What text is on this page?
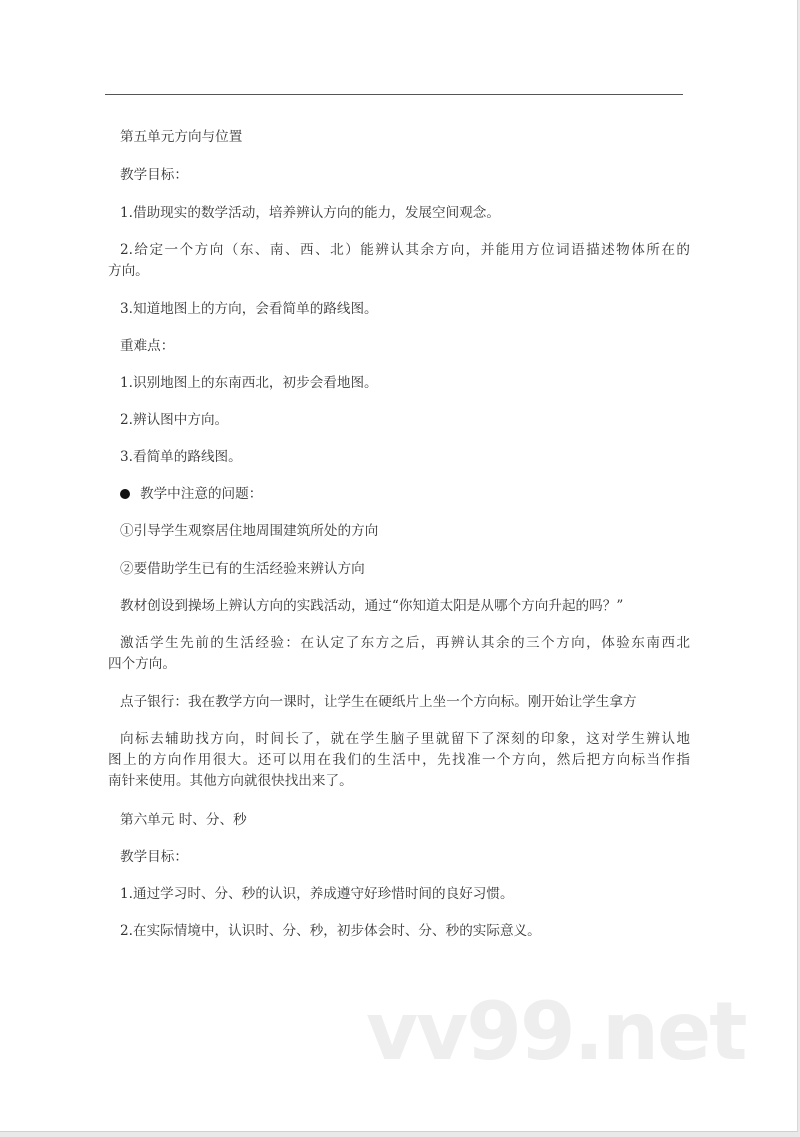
第五单元方向与位置
教学目标：
1.借助现实的数学活动，培养辨认方向的能力，发展空间观念。
2.给定一个方向（东、南、西、北）能辨认其余方向，并能用方位词语描述物体所在的
方向。
3.知道地图上的方向，会看简单的路线图。
重难点：
1.识别地图上的东南西北，初步会看地图。
2.辨认图中方向。
3.看简单的路线图。
教学中注意的问题：
①引导学生观察居住地周围建筑所处的方向
②要借助学生已有的生活经验来辨认方向
教材创设到操场上辨认方向的实践活动，通过“你知道太阳是从哪个方向升起的吗？”
激活学生先前的生活经验：在认定了东方之后，再辨认其余的三个方向，体验东南西北
四个方向。
点子银行：我在教学方向一课时，让学生在硬纸片上坐一个方向标。刚开始让学生拿方
向标去辅助找方向，时间长了，就在学生脑子里就留下了深刻的印象，这对学生辨认地
图上的方向作用很大。还可以用在我们的生活中，先找准一个方向，然后把方向标当作指
南针来使用。其他方向就很快找出来了。
第六单元 时、分、秒
教学目标：
1.通过学习时、分、秒的认识，养成遵守好珍惜时间的良好习惯。
2.在实际情境中，认识时、分、秒，初步体会时、分、秒的实际意义。
vv99.net
